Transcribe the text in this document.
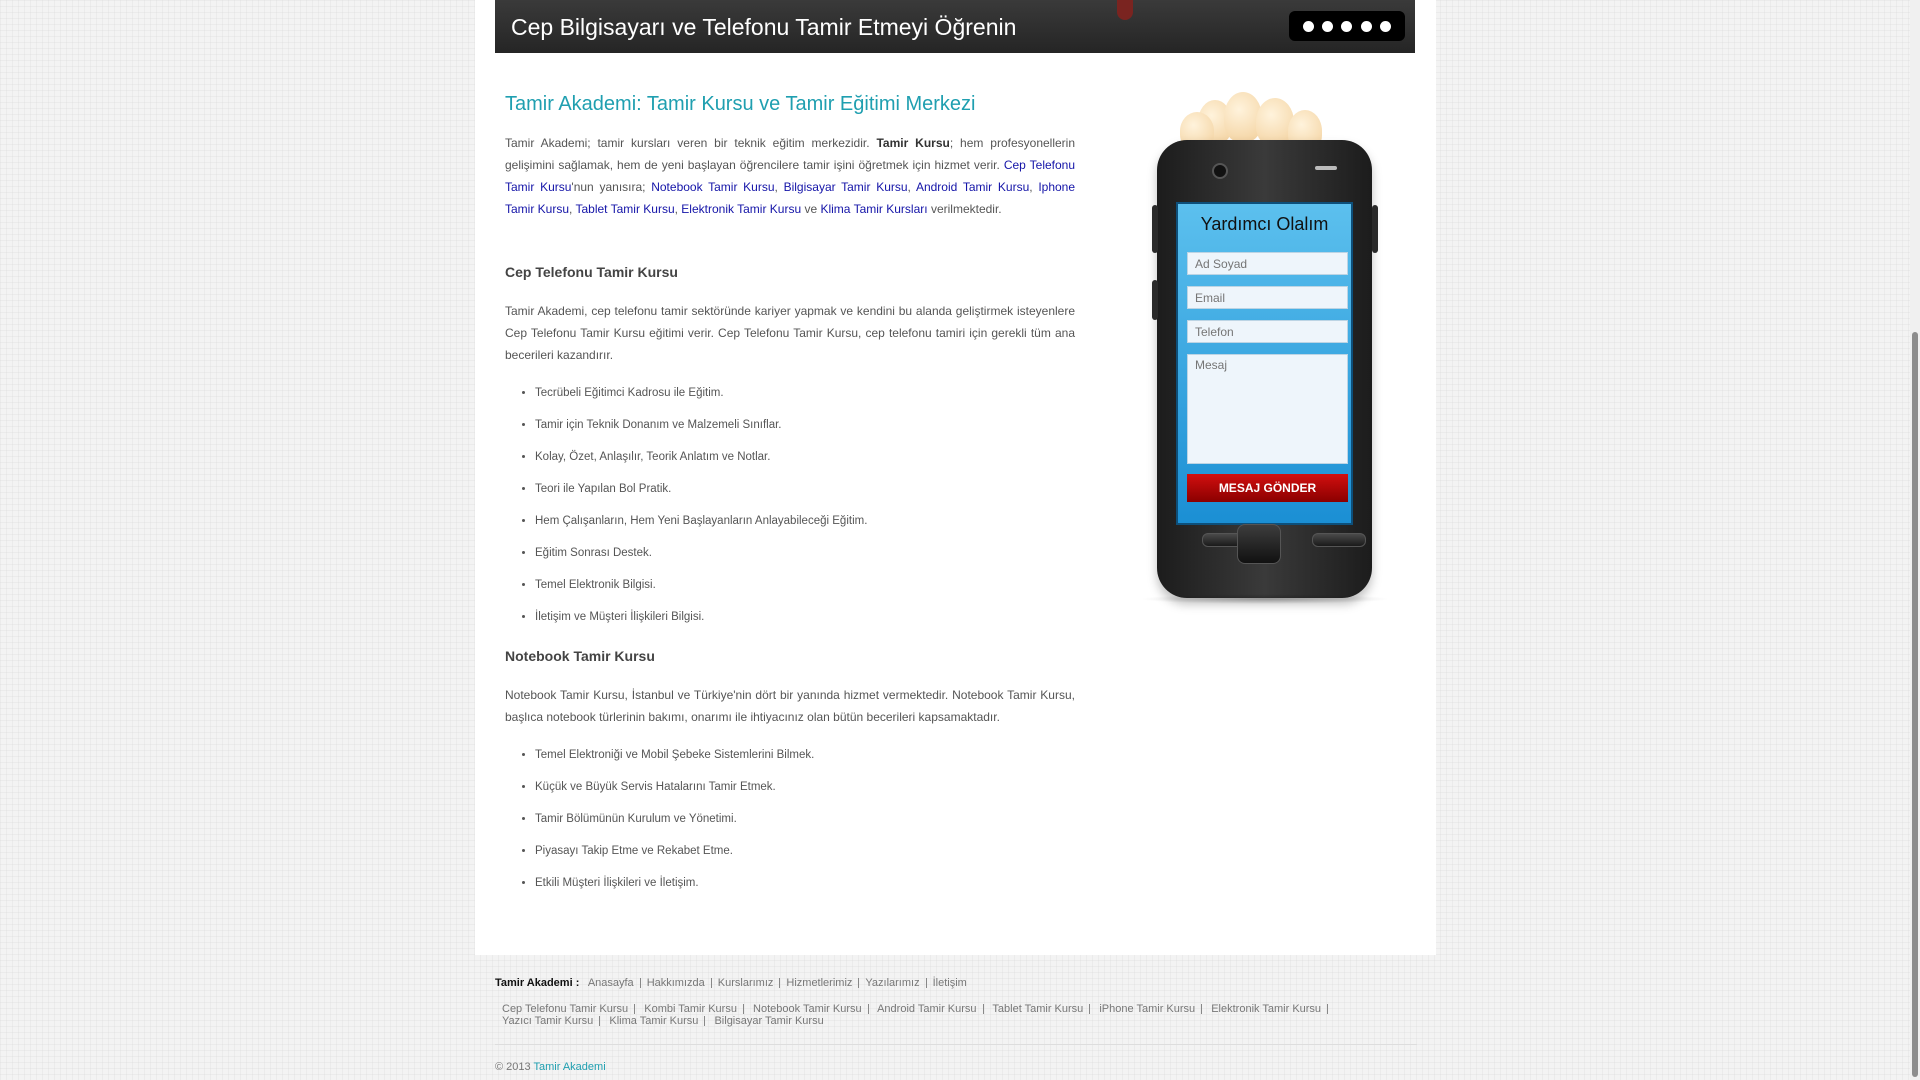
Cep Bilgisayarı ve Telefonu Tamir Etmeyi Öğrenin
Tamir Akademi: Tamir Kursu ve Tamir Eğitimi Merkezi

Tamir Akademi; tamir kursları veren bir teknik eğitim merkezidir. Tamir Kursu; hem profesyonellerin gelişimini sağlamak, hem de yeni başlayan öğrencilere tamir işini öğretmek için hizmet verir. Cep Telefonu Tamir Kursu'nun yanısıra; Notebook Tamir Kursu, Bilgisayar Tamir Kursu, Android Tamir Kursu, Iphone Tamir Kursu, Tablet Tamir Kursu, Elektronik Tamir Kursu ve Klima Tamir Kursları verilmektedir.

Cep Telefonu Tamir Kursu

Tamir Akademi, cep telefonu tamir sektöründe kariyer yapmak ve kendini bu alanda geliştirmek isteyenlere Cep Telefonu Tamir Kursu eğitimi verir. Cep Telefonu Tamir Kursu, cep telefonu tamiri için gerekli tüm ana becerileri kazandırır.

• Tecrübeli Eğitimci Kadrosu ile Eğitim.
• Tamir için Teknik Donanım ve Malzemeli Sınıflar.
• Kolay, Özet, Anlaşılır, Teorik Anlatım ve Notlar.
• Teori ile Yapılan Bol Pratik.
• Hem Çalışanların, Hem Yeni Başlayanların Anlayabileceği Eğitim.
• Eğitim Sonrası Destek.
• Temel Elektronik Bilgisi.
• İletişim ve Müşteri İlişkileri Bilgisi.
Notebook Tamir Kursu

Notebook Tamir Kursu, İstanbul ve Türkiye'nin dört bir yanında hizmet vermektedir. Notebook Tamir Kursu, başlıca notebook türlerinin bakımı, onarımı ile ihtiyacınız olan bütün becerileri kapsamaktadır.

• Temel Elektroniği ve Mobil Şebeke Sistemlerini Bilmek.
• Küçük ve Büyük Servis Hatalarını Tamir Etmek.
• Tamir Bölümünün Kurulum ve Yönetimi.
• Piyasayı Takip Etme ve Rekabet Etme.
• Etkili Müşteri İlişkileri ve İletişim.
Yardımcı Olalım
Ad Soyad
Email
Telefon
Mesaj
MESAJ GÖNDER
Tamir Akademi : Anasayfa Hakkımızda Kurslarımız Hizmetlerimiz Yazılarımız İletişim
Cep Telefonu Tamir Kursu Kombi Tamir Kursu Notebook Tamir Kursu Android Tamir Kursu Tablet Tamir Kursu iPhone Tamir Kursu Elektronik Tamir Kursu Yazıcı Tamir Kursu Klima Tamir Kursu Bilgisayar Tamir Kursu
© 2013 Tamir Akademi
